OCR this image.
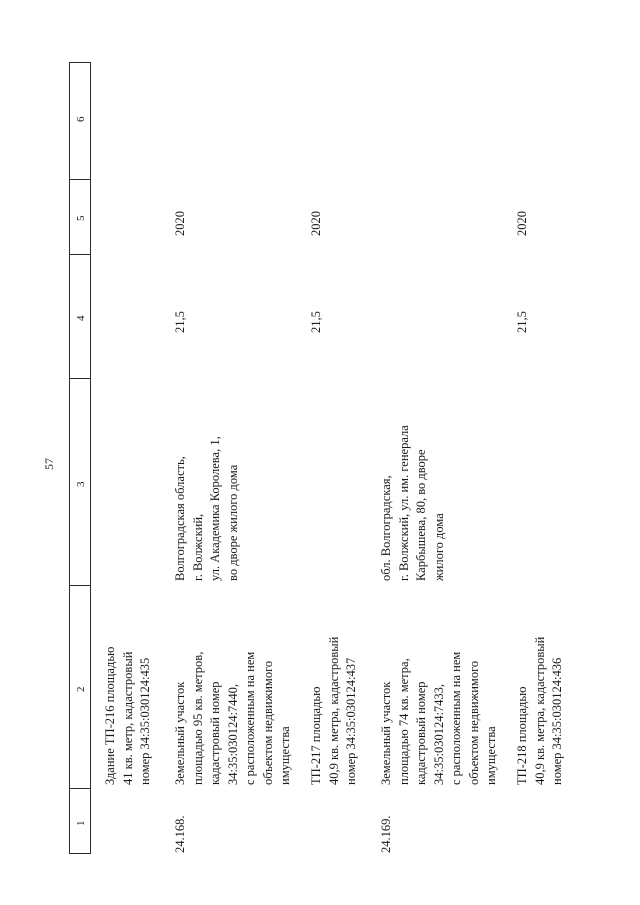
57
1
2
3
4
5
6
Здание ТП-216 площадью
41 кв. метр, кадастровый
номер 34:35:030124:435
24.168.
Земельный участок
площадью 95 кв. метров,
кадастровый номер
34:35:030124:7440,
с расположенным на нем
объектом недвижимого
имущества
Волгоградская область,
г. Волжский,
ул. Академика Королева, 1,
во дворе жилого дома
21,5
2020
ТП-217 площадью
40,9 кв. метра, кадастровый
номер 34:35:030124:437
21,5
2020
24.169.
Земельный участок
площадью 74 кв. метра,
кадастровый номер
34:35:030124:7433,
с расположенным на нем
объектом недвижимого
имущества
обл. Волгоградская,
г. Волжский, ул. им. генерала
Карбышева, 80, во дворе
жилого дома
ТП-218 площадью
40,9 кв. метра, кадастровый
номер 34:35:030124:436
21,5
2020
